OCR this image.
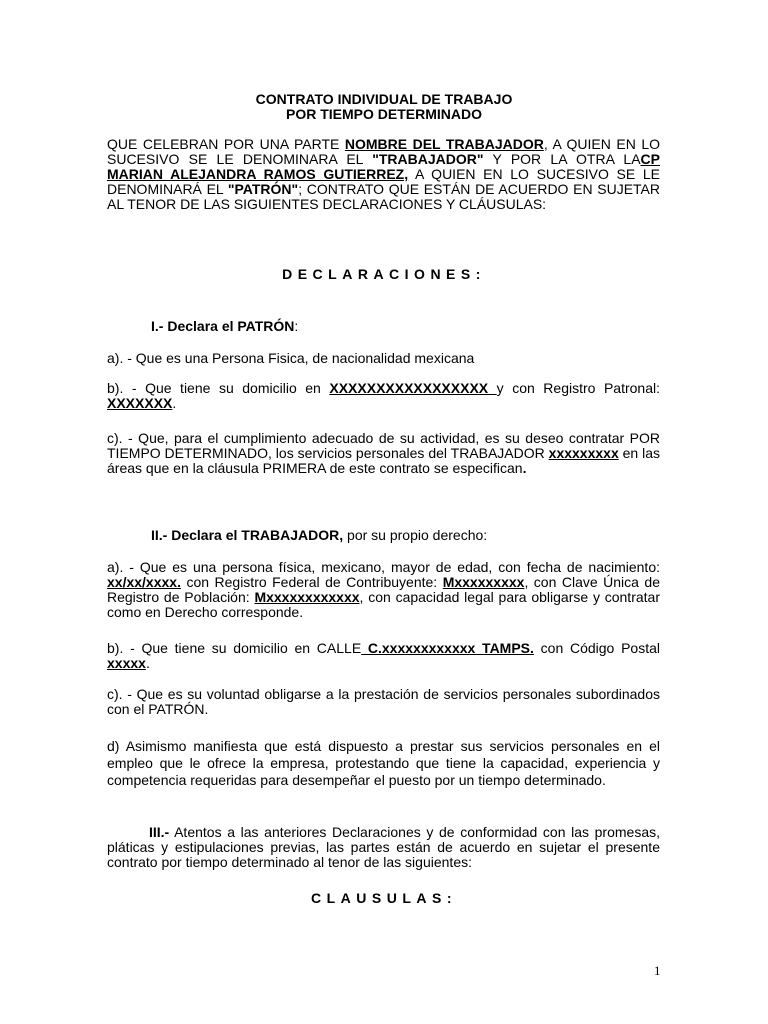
CONTRATO INDIVIDUAL DE TRABAJO
POR TIEMPO DETERMINADO
QUE CELEBRAN POR UNA PARTE NOMBRE DEL TRABAJADOR, A QUIEN EN LO SUCESIVO SE LE DENOMINARA EL "TRABAJADOR" Y POR LA OTRA LACP MARIAN ALEJANDRA RAMOS GUTIERREZ, A QUIEN EN LO SUCESIVO SE LE DENOMINARÁ EL "PATRÓN"; CONTRATO QUE ESTÁN DE ACUERDO EN SUJETAR AL TENOR DE LAS SIGUIENTES DECLARACIONES Y CLÁUSULAS:
DECLARACIONES:
I.- Declara el PATRÓN:
a). - Que es una Persona Fisica, de nacionalidad mexicana
b). - Que tiene su domicilio en XXXXXXXXXXXXXXXXX y con Registro Patronal: XXXXXXX.
c). - Que, para el cumplimiento adecuado de su actividad, es su deseo contratar POR TIEMPO DETERMINADO, los servicios personales del TRABAJADOR xxxxxxxxx en las áreas que en la cláusula PRIMERA de este contrato se especifican.
II.- Declara el TRABAJADOR, por su propio derecho:
a). - Que es una persona física, mexicano, mayor de edad, con fecha de nacimiento: xx/xx/xxxx. con Registro Federal de Contribuyente: Mxxxxxxxxx, con Clave Única de Registro de Población: Mxxxxxxxxxxxx, con capacidad legal para obligarse y contratar como en Derecho corresponde.
b). - Que tiene su domicilio en CALLE C.xxxxxxxxxxxx TAMPS. con Código Postal xxxxx.
c). - Que es su voluntad obligarse a la prestación de servicios personales subordinados con el PATRÓN.
d) Asimismo manifiesta que está dispuesto a prestar sus servicios personales en el empleo que le ofrece la empresa, protestando que tiene la capacidad, experiencia y competencia requeridas para desempeñar el puesto por un tiempo determinado.
III.- Atentos a las anteriores Declaraciones y de conformidad con las promesas, pláticas y estipulaciones previas, las partes están de acuerdo en sujetar el presente contrato por tiempo determinado al tenor de las siguientes:
CLAUSULAS:
1
